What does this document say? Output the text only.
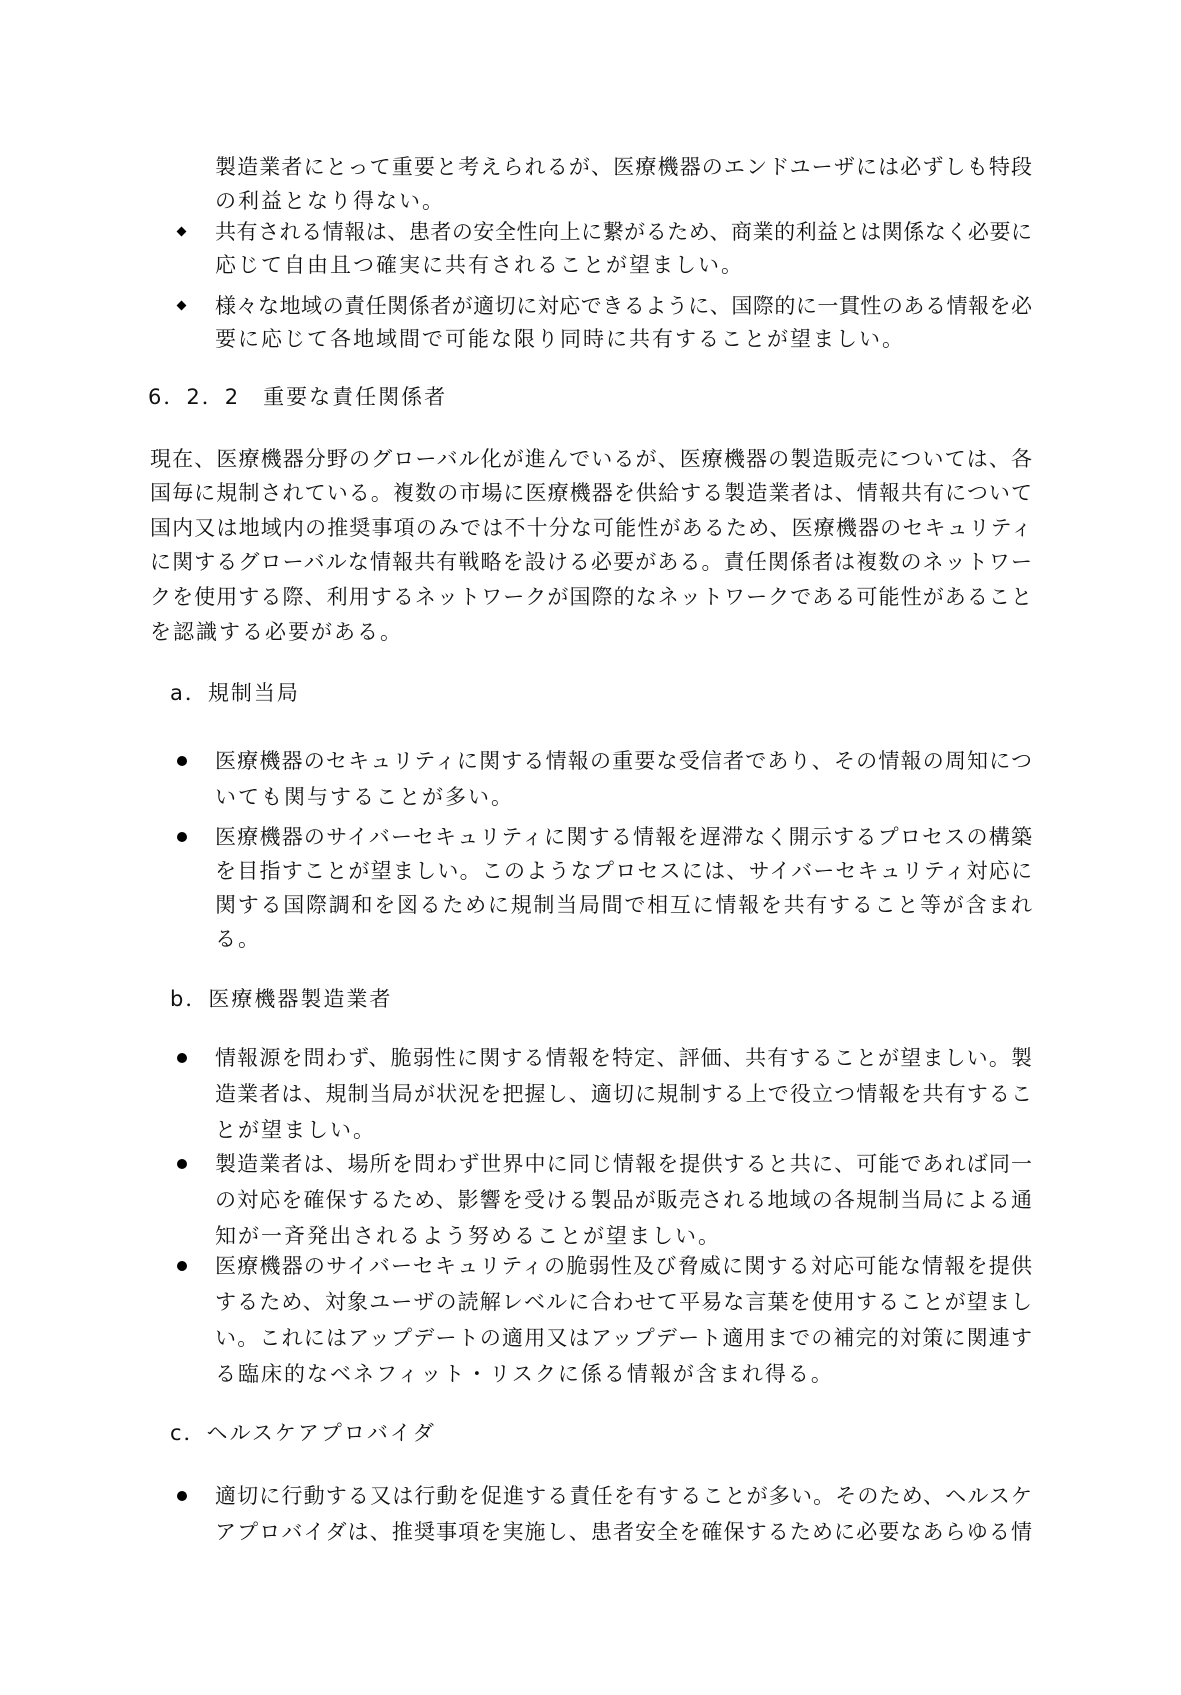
製造業者にとって重要と考えられるが、医療機器のエンドユーザには必ずしも特段
の利益となり得ない。
共有される情報は、患者の安全性向上に繋がるため、商業的利益とは関係なく必要に
応じて自由且つ確実に共有されることが望ましい。
様々な地域の責任関係者が適切に対応できるように、国際的に一貫性のある情報を必
要に応じて各地域間で可能な限り同時に共有することが望ましい。
6．2．2　重要な責任関係者
現在、医療機器分野のグローバル化が進んでいるが、医療機器の製造販売については、各
国毎に規制されている。複数の市場に医療機器を供給する製造業者は、情報共有について
国内又は地域内の推奨事項のみでは不十分な可能性があるため、医療機器のセキュリティ
に関するグローバルな情報共有戦略を設ける必要がある。責任関係者は複数のネットワー
クを使用する際、利用するネットワークが国際的なネットワークである可能性があること
を認識する必要がある。
a．規制当局
医療機器のセキュリティに関する情報の重要な受信者であり、その情報の周知につ
いても関与することが多い。
医療機器のサイバーセキュリティに関する情報を遅滞なく開示するプロセスの構築
を目指すことが望ましい。このようなプロセスには、サイバーセキュリティ対応に
関する国際調和を図るために規制当局間で相互に情報を共有すること等が含まれ
る。
b．医療機器製造業者
情報源を問わず、脆弱性に関する情報を特定、評価、共有することが望ましい。製
造業者は、規制当局が状況を把握し、適切に規制する上で役立つ情報を共有するこ
とが望ましい。
製造業者は、場所を問わず世界中に同じ情報を提供すると共に、可能であれば同一
の対応を確保するため、影響を受ける製品が販売される地域の各規制当局による通
知が一斉発出されるよう努めることが望ましい。
医療機器のサイバーセキュリティの脆弱性及び脅威に関する対応可能な情報を提供
するため、対象ユーザの読解レベルに合わせて平易な言葉を使用することが望まし
い。これにはアップデートの適用又はアップデート適用までの補完的対策に関連す
る臨床的なベネフィット・リスクに係る情報が含まれ得る。
c．ヘルスケアプロバイダ
適切に行動する又は行動を促進する責任を有することが多い。そのため、ヘルスケ
アプロバイダは、推奨事項を実施し、患者安全を確保するために必要なあらゆる情
